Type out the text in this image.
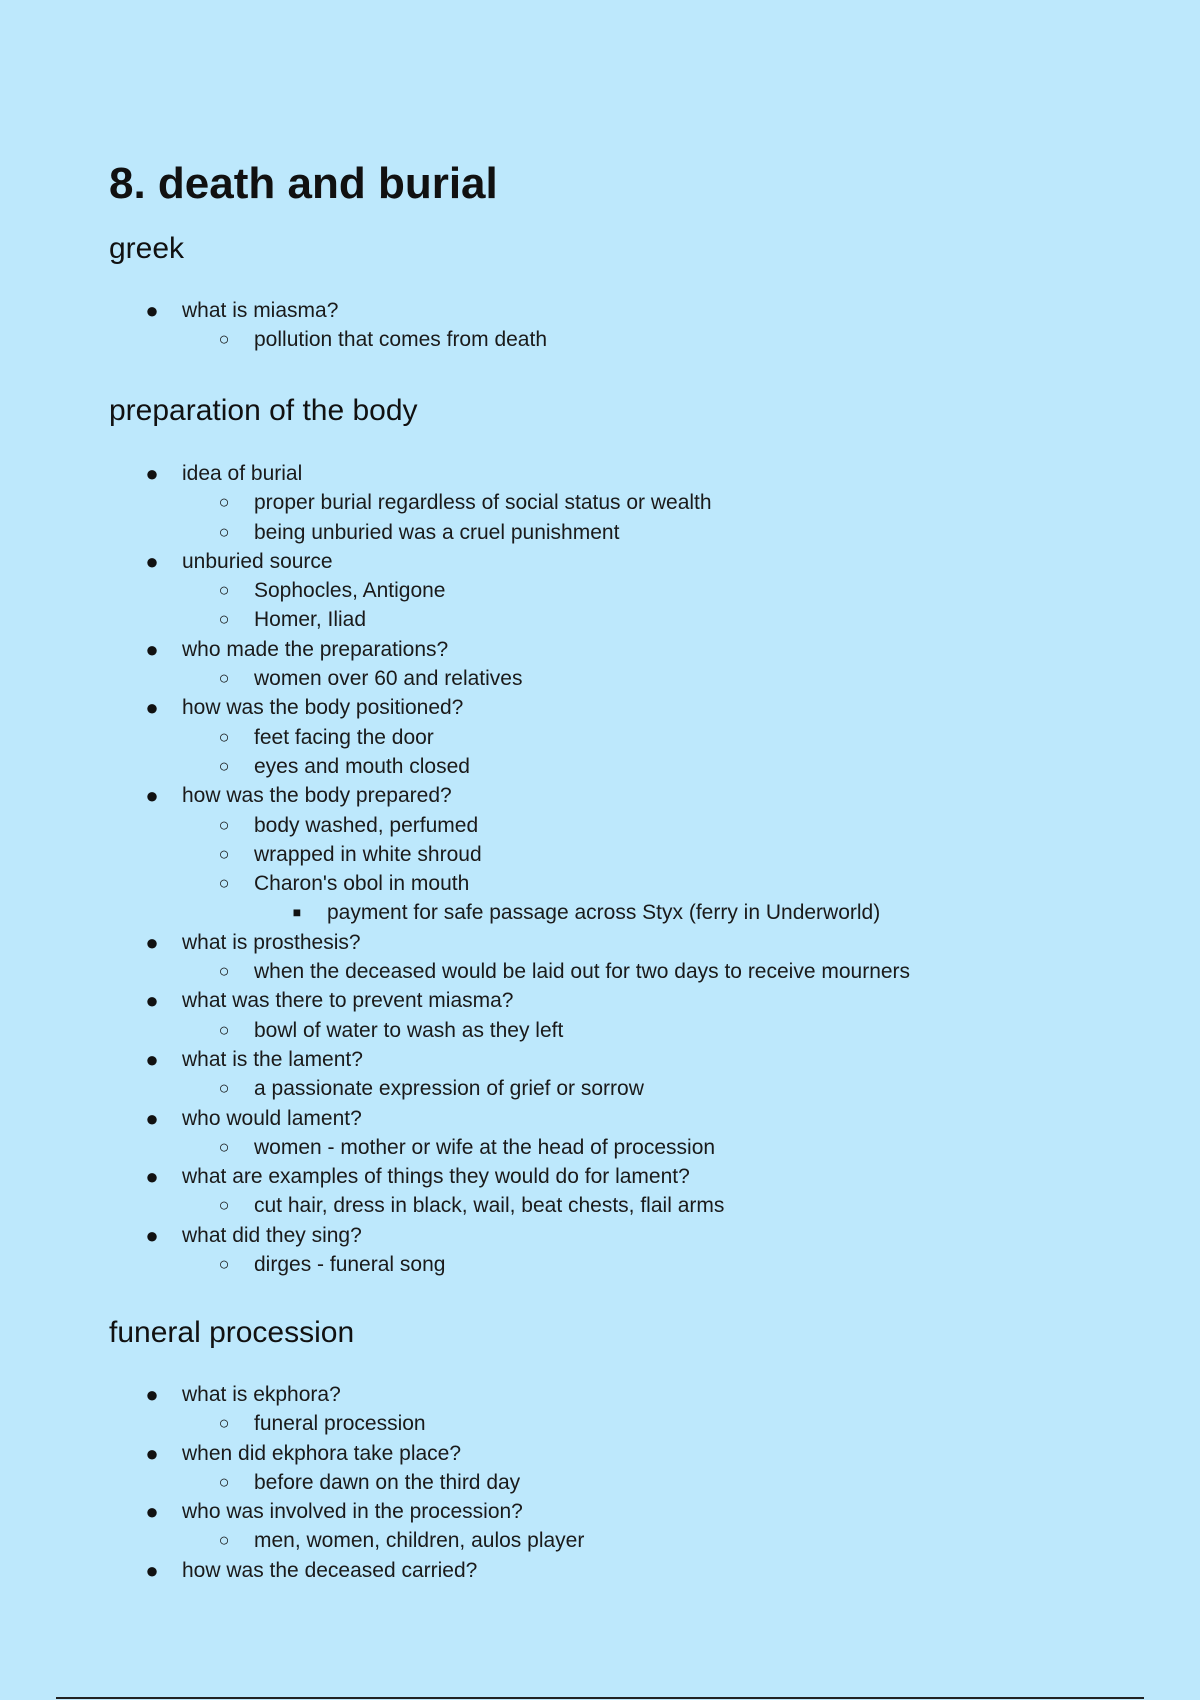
8. death and burial
greek
● what is miasma?
○ pollution that comes from death
preparation of the body
● idea of burial
○ proper burial regardless of social status or wealth
○ being unburied was a cruel punishment
● unburied source
○ Sophocles, Antigone
○ Homer, Iliad
● who made the preparations?
○ women over 60 and relatives
● how was the body positioned?
○ feet facing the door
○ eyes and mouth closed
● how was the body prepared?
○ body washed, perfumed
○ wrapped in white shroud
○ Charon's obol in mouth
■ payment for safe passage across Styx (ferry in Underworld)
● what is prosthesis?
○ when the deceased would be laid out for two days to receive mourners
● what was there to prevent miasma?
○ bowl of water to wash as they left
● what is the lament?
○ a passionate expression of grief or sorrow
● who would lament?
○ women - mother or wife at the head of procession
● what are examples of things they would do for lament?
○ cut hair, dress in black, wail, beat chests, flail arms
● what did they sing?
○ dirges - funeral song
funeral procession
● what is ekphora?
○ funeral procession
● when did ekphora take place?
○ before dawn on the third day
● who was involved in the procession?
○ men, women, children, aulos player
● how was the deceased carried?
